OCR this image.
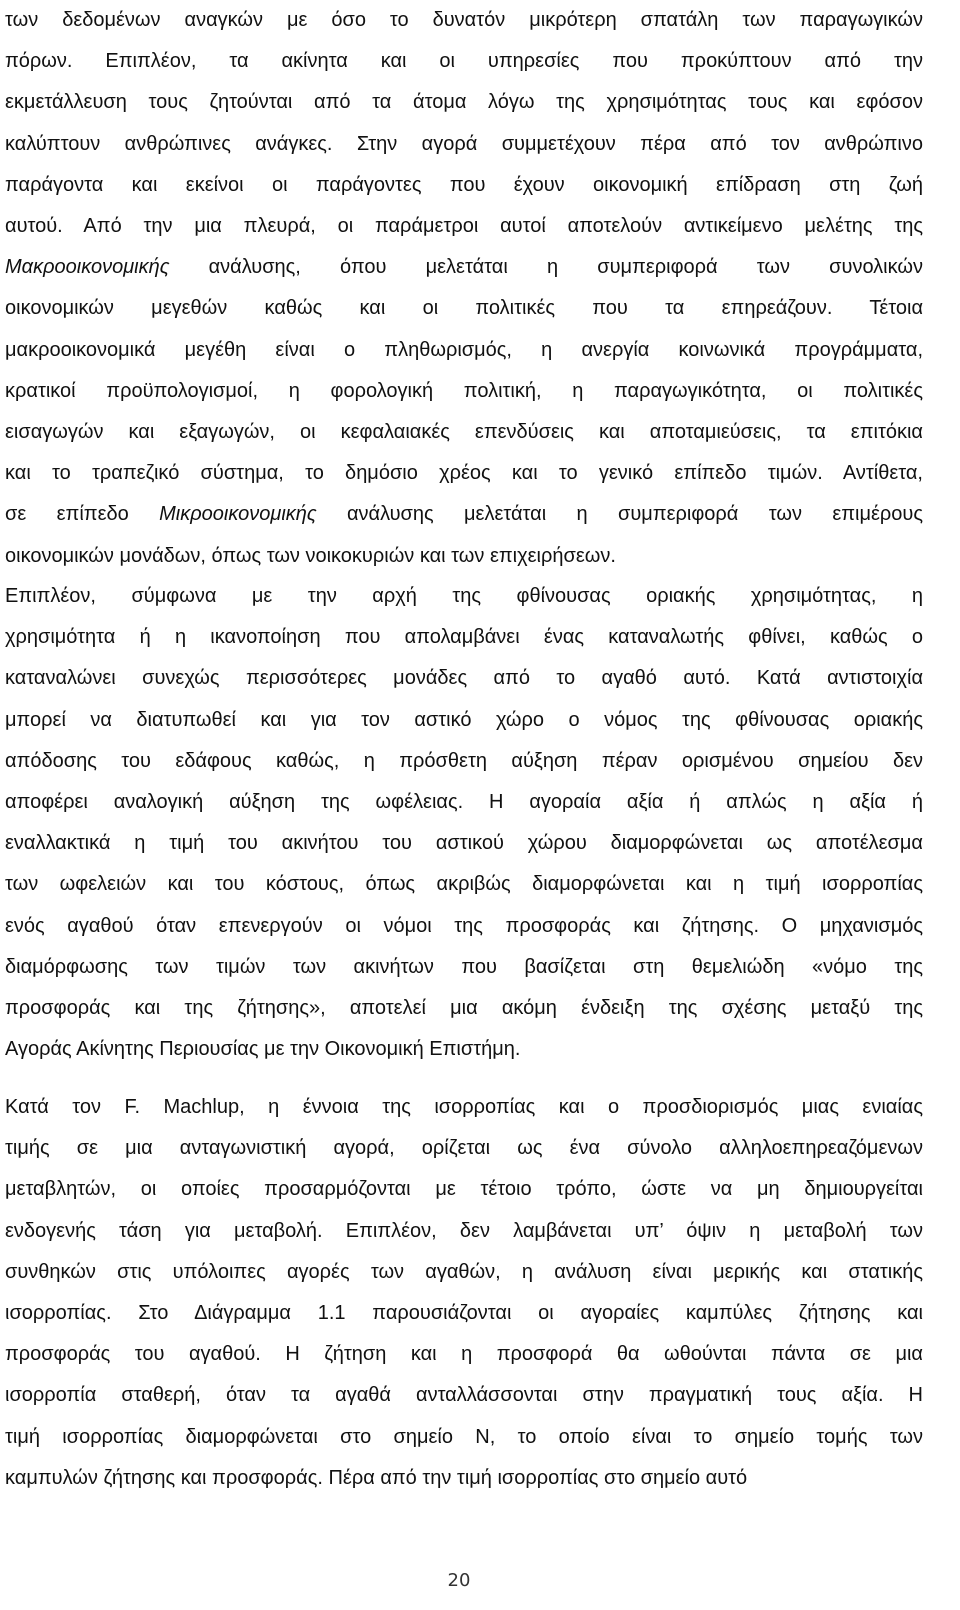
των δεδομένων αναγκών με όσο το δυνατόν μικρότερη σπατάλη των παραγωγικών
πόρων. Επιπλέον, τα ακίνητα και οι υπηρεσίες που προκύπτουν από την
εκμετάλλευση τους ζητούνται από τα άτομα λόγω της χρησιμότητας τους και εφόσον
καλύπτουν ανθρώπινες ανάγκες. Στην αγορά συμμετέχουν πέρα από τον ανθρώπινο
παράγοντα και εκείνοι οι παράγοντες που έχουν οικονομική επίδραση στη ζωή
αυτού. Από την μια πλευρά, οι παράμετροι αυτοί αποτελούν αντικείμενο μελέτης της
Μακροοικονομικής ανάλυσης, όπου μελετάται η συμπεριφορά των συνολικών
οικονομικών μεγεθών καθώς και οι πολιτικές που τα επηρεάζουν. Τέτοια
μακροοικονομικά μεγέθη είναι ο πληθωρισμός, η ανεργία κοινωνικά προγράμματα,
κρατικοί προϋπολογισμοί, η φορολογική πολιτική, η παραγωγικότητα, οι πολιτικές
εισαγωγών και εξαγωγών, οι κεφαλαιακές επενδύσεις και αποταμιεύσεις, τα επιτόκια
και το τραπεζικό σύστημα, το δημόσιο χρέος και το γενικό επίπεδο τιμών. Αντίθετα,
σε επίπεδο Μικροοικονομικής ανάλυσης μελετάται η συμπεριφορά των επιμέρους
οικονομικών μονάδων, όπως των νοικοκυριών και των επιχειρήσεων.
Επιπλέον, σύμφωνα με την αρχή της φθίνουσας οριακής χρησιμότητας, η
χρησιμότητα ή η ικανοποίηση που απολαμβάνει ένας καταναλωτής φθίνει, καθώς ο
καταναλώνει συνεχώς περισσότερες μονάδες από το αγαθό αυτό. Κατά αντιστοιχία
μπορεί να διατυπωθεί και για τον αστικό χώρο ο νόμος της φθίνουσας οριακής
απόδοσης του εδάφους καθώς, η πρόσθετη αύξηση πέραν ορισμένου σημείου δεν
αποφέρει αναλογική αύξηση της ωφέλειας. Η αγοραία αξία ή απλώς η αξία ή
εναλλακτικά η τιμή του ακινήτου του αστικού χώρου διαμορφώνεται ως αποτέλεσμα
των ωφελειών και του κόστους, όπως ακριβώς διαμορφώνεται και η τιμή ισορροπίας
ενός αγαθού όταν επενεργούν οι νόμοι της προσφοράς και ζήτησης. Ο μηχανισμός
διαμόρφωσης των τιμών των ακινήτων που βασίζεται στη θεμελιώδη «νόμο της
προσφοράς και της ζήτησης», αποτελεί μια ακόμη ένδειξη της σχέσης μεταξύ της
Αγοράς Ακίνητης Περιουσίας με την Οικονομική Επιστήμη.
Κατά τον F. Machlup, η έννοια της ισορροπίας και ο προσδιορισμός μιας ενιαίας
τιμής σε μια ανταγωνιστική αγορά, ορίζεται ως ένα σύνολο αλληλοεπηρεαζόμενων
μεταβλητών, οι οποίες προσαρμόζονται με τέτοιο τρόπο, ώστε να μη δημιουργείται
ενδογενής τάση για μεταβολή. Επιπλέον, δεν λαμβάνεται υπ’ όψιν η μεταβολή των
συνθηκών στις υπόλοιπες αγορές των αγαθών, η ανάλυση είναι μερικής και στατικής
ισορροπίας. Στο Διάγραμμα 1.1 παρουσιάζονται οι αγοραίες καμπύλες ζήτησης και
προσφοράς του αγαθού. Η ζήτηση και η προσφορά θα ωθούνται πάντα σε μια
ισορροπία σταθερή, όταν τα αγαθά ανταλλάσσονται στην πραγματική τους αξία. Η
τιμή ισορροπίας διαμορφώνεται στο σημείο Ν, το οποίο είναι το σημείο τομής των
καμπυλών ζήτησης και προσφοράς. Πέρα από την τιμή ισορροπίας στο σημείο αυτό
20
